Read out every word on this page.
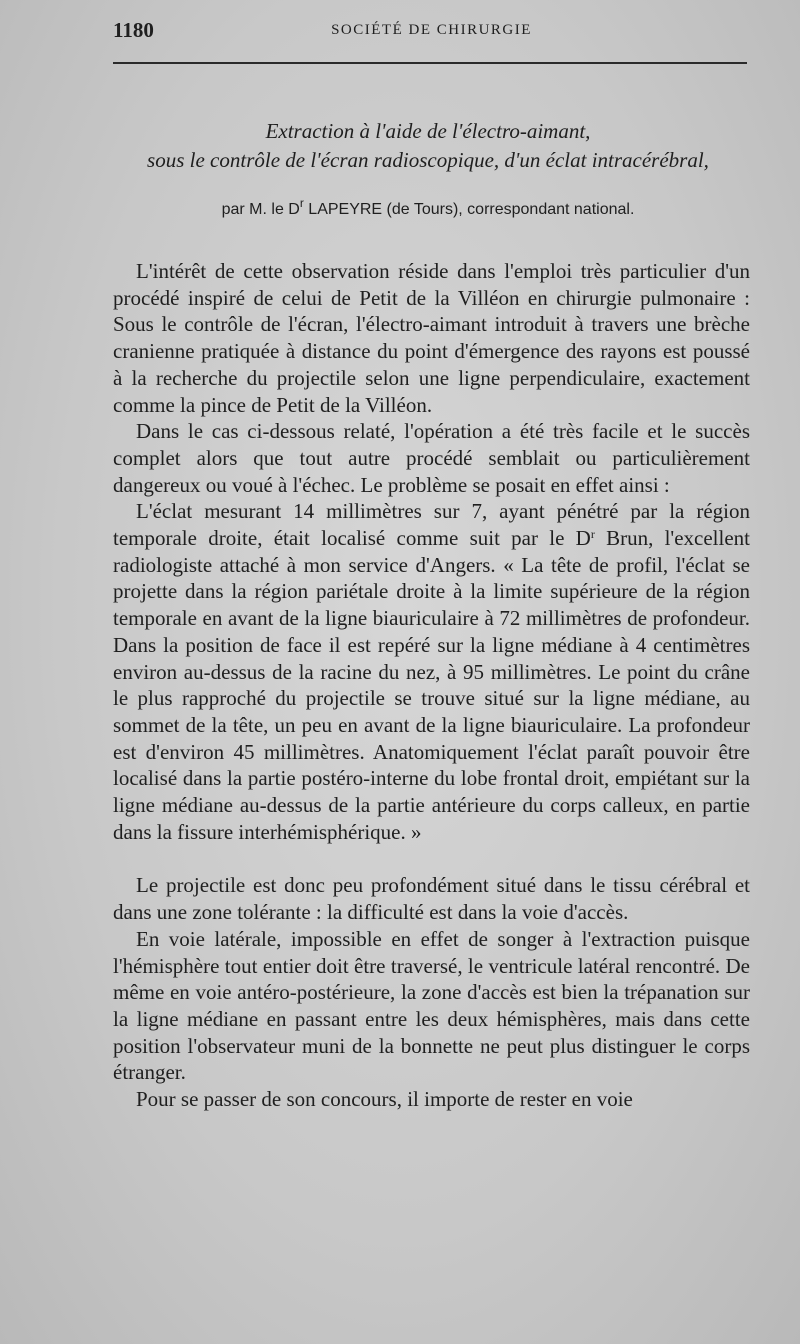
1180	SOCIÉTÉ DE CHIRURGIE
Extraction à l'aide de l'électro-aimant,
sous le contrôle de l'écran radioscopique, d'un éclat intracérébral,
par M. le $D^r$ LAPEYRE (de Tours), correspondant national.

L'intérêt de cette observation réside dans l'emploi très particulier d'un procédé inspiré de celui de Petit de la Villéon en chirurgie pulmonaire : Sous le contrôle de l'écran, l'électro-aimant introduit à travers une brèche cranienne pratiquée à distance du point d'émergence des rayons est poussé à la recherche du projectile selon une ligne perpendiculaire, exactement comme la pince de Petit de la Villéon.

Dans le cas ci-dessous relaté, l'opération a été très facile et le succès complet alors que tout autre procédé semblait ou particulièrement dangereux ou voué à l'échec. Le problème se posait en effet ainsi :

L'éclat mesurant 14 millimètres sur 7, ayant pénétré par la région temporale droite, était localisé comme suit par le $D^r$ Brun, l'excellent radiologiste attaché à mon service d'Angers. « La tête de profil, l'éclat se projette dans la région pariétale droite à la limite supérieure de la région temporale en avant de la ligne biauriculaire à 72 millimètres de profondeur. Dans la position de face il est repéré sur la ligne médiane à 4 centimètres environ au-dessus de la racine du nez, à 95 millimètres. Le point du crâne le plus rapproché du projectile se trouve situé sur la ligne médiane, au sommet de la tête, un peu en avant de la ligne biauriculaire. La profondeur est d'environ 45 millimètres. Anatomiquement l'éclat paraît pouvoir être localisé dans la partie postéro-interne du lobe frontal droit, empiétant sur la ligne médiane au-dessus de la partie antérieure du corps calleux, en partie dans la fissure interhémisphérique. »

Le projectile est donc peu profondément situé dans le tissu cérébral et dans une zone tolérante : la difficulté est dans la voie d'accès.

En voie latérale, impossible en effet de songer à l'extraction puisque l'hémisphère tout entier doit être traversé, le ventricule latéral rencontré. De même en voie antéro-postérieure, la zone d'accès est bien la trépanation sur la ligne médiane en passant entre les deux hémisphères, mais dans cette position l'observateur muni de la bonnette ne peut plus distinguer le corps étranger.

Pour se passer de son concours, il importe de rester en voie
